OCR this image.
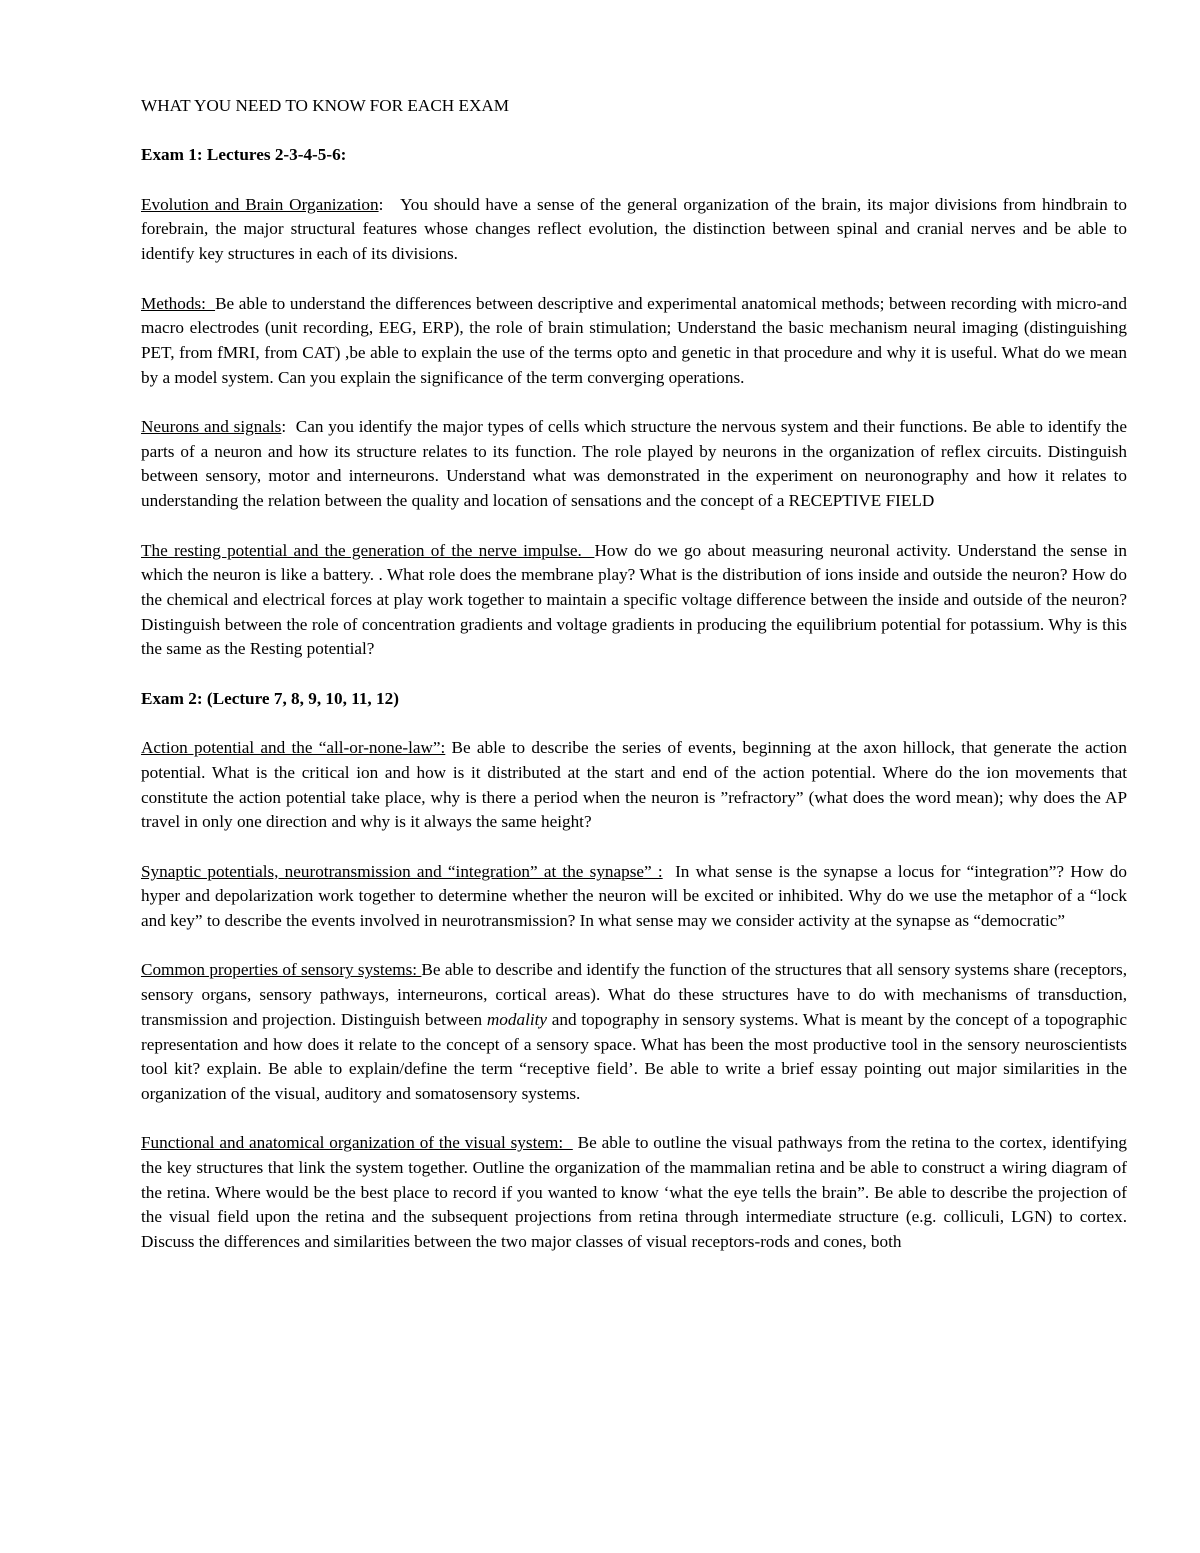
WHAT YOU NEED TO KNOW FOR EACH EXAM

Exam 1: Lectures 2-3-4-5-6:

Evolution and Brain Organization:   You should have a sense of the general organization of the brain, its major divisions from hindbrain to forebrain, the major structural features whose changes reflect evolution, the distinction between spinal and cranial nerves and be able to identify key structures in each of its divisions.

Methods:  Be able to understand the differences between descriptive and experimental anatomical methods; between recording with micro-and macro electrodes (unit recording, EEG, ERP), the role of brain stimulation; Understand the basic mechanism neural imaging (distinguishing PET, from fMRI, from CAT) ,be able to explain the use of the terms opto and genetic in that procedure and why it is useful. What do we mean by a model system. Can you explain the significance of the term converging operations.

Neurons and signals:  Can you identify the major types of cells which structure the nervous system and their functions. Be able to identify the parts of a neuron and how its structure relates to its function. The role played by neurons in the organization of reflex circuits. Distinguish between sensory, motor and interneurons. Understand what was demonstrated in the experiment on neuronography and how it relates to understanding the relation between the quality and location of sensations and the concept of a RECEPTIVE FIELD

The resting potential and the generation of the nerve impulse.  How do we go about measuring neuronal activity. Understand the sense in which the neuron is like a battery. . What role does the membrane play? What is the distribution of ions inside and outside the neuron? How do the chemical and electrical forces at play work together to maintain a specific voltage difference between the inside and outside of the neuron? Distinguish between the role of concentration gradients and voltage gradients in producing the equilibrium potential for potassium. Why is this the same as the Resting potential?

Exam 2: (Lecture 7, 8, 9, 10, 11, 12)

Action potential and the “all-or-none-law”: Be able to describe the series of events, beginning at the axon hillock, that generate the action potential. What is the critical ion and how is it distributed at the start and end of the action potential. Where do the ion movements that constitute the action potential take place, why is there a period when the neuron is ”refractory” (what does the word mean); why does the AP travel in only one direction and why is it always the same height?

Synaptic potentials, neurotransmission and “integration” at the synapse” : In what sense is the synapse a locus for “integration”? How do hyper and depolarization work together to determine whether the neuron will be excited or inhibited. Why do we use the metaphor of a “lock and key” to describe the events involved in neurotransmission? In what sense may we consider activity at the synapse as “democratic”

Common properties of sensory systems: Be able to describe and identify the function of the structures that all sensory systems share (receptors, sensory organs, sensory pathways, interneurons, cortical areas). What do these structures have to do with mechanisms of transduction, transmission and projection. Distinguish between modality and topography in sensory systems. What is meant by the concept of a topographic representation and how does it relate to the concept of a sensory space. What has been the most productive tool in the sensory neuroscientists tool kit? explain. Be able to explain/define the term “receptive field’. Be able to write a brief essay pointing out major similarities in the organization of the visual, auditory and somatosensory systems.

Functional and anatomical organization of the visual system:   Be able to outline the visual pathways from the retina to the cortex, identifying the key structures that link the system together. Outline the organization of the mammalian retina and be able to construct a wiring diagram of the retina. Where would be the best place to record if you wanted to know ‘what the eye tells the brain”. Be able to describe the projection of the visual field upon the retina and the subsequent projections from retina through intermediate structure (e.g. colliculi, LGN) to cortex. Discuss the differences and similarities between the two major classes of visual receptors-rods and cones, both
